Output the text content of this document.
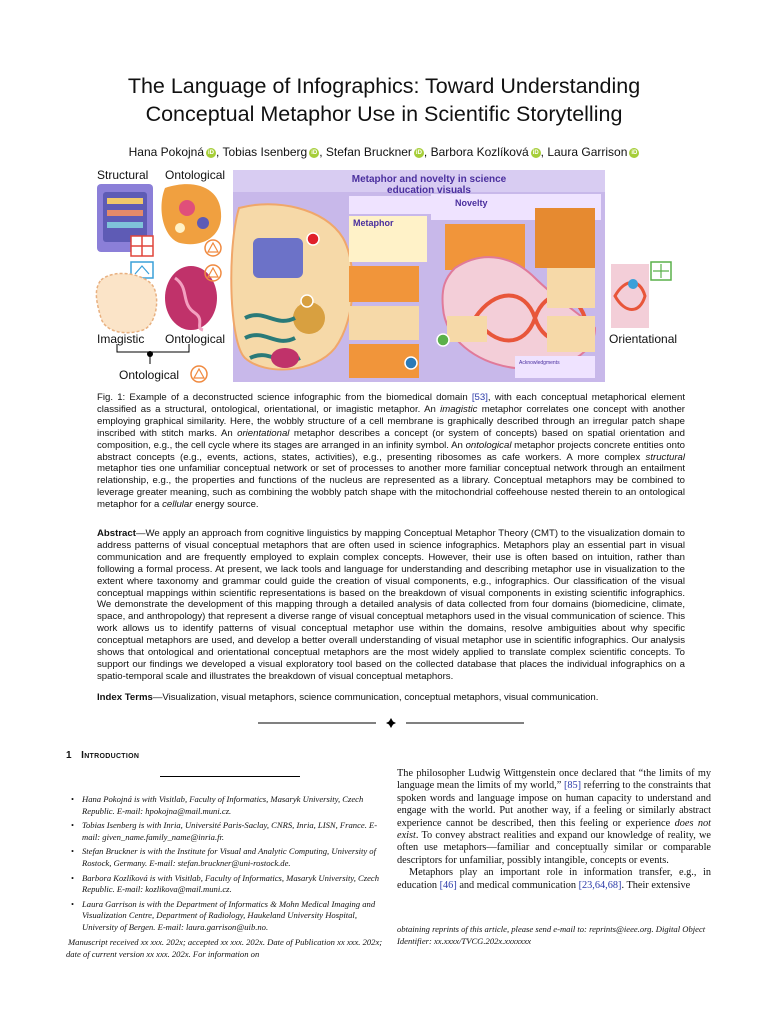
The Language of Infographics: Toward Understanding
Conceptual Metaphor Use in Scientific Storytelling
Hana Pokojná iD , Tobias Isenberg iD , Stefan Bruckner iD , Barbora Kozlíková iD , Laura Garrison iD
Structural Ontological	Metaphor and novelty in science education visuals
Metaphor
Novelty
Acknowledgments
Imagistic Ontological
Ontological
Orientational
Fig. 1: Example of a deconstructed science infographic from the biomedical domain [53], with each conceptual metaphorical element classified as a structural, ontological, orientational, or imagistic metaphor. An imagistic metaphor correlates one concept with another employing graphical similarity. Here, the wobbly structure of a cell membrane is graphically described through an irregular patch shape inscribed with stitch marks. An orientational metaphor describes a concept (or system of concepts) based on spatial orientation and composition, e.g., the cell cycle where its stages are arranged in an infinity symbol. An ontological metaphor projects concrete entities onto abstract concepts (e.g., events, actions, states, activities), e.g., presenting ribosomes as cafe workers. A more complex structural metaphor ties one unfamiliar conceptual network or set of processes to another more familiar conceptual network through an entailment relationship, e.g., the properties and functions of the nucleus are represented as a library. Conceptual metaphors may be combined to leverage greater meaning, such as combining the wobbly patch shape with the mitochondrial coffeehouse nested therein to an ontological metaphor for a cellular energy source.
Abstract—We apply an approach from cognitive linguistics by mapping Conceptual Metaphor Theory (CMT) to the visualization domain to address patterns of visual conceptual metaphors that are often used in science infographics. Metaphors play an essential part in visual communication and are frequently employed to explain complex concepts. However, their use is often based on intuition, rather than following a formal process. At present, we lack tools and language for understanding and describing metaphor use in visualization to the extent where taxonomy and grammar could guide the creation of visual components, e.g., infographics. Our classification of the visual conceptual mappings within scientific representations is based on the breakdown of visual components in existing scientific infographics. We demonstrate the development of this mapping through a detailed analysis of data collected from four domains (biomedicine, climate, space, and anthropology) that represent a diverse range of visual conceptual metaphors used in the visual communication of science. This work allows us to identify patterns of visual conceptual metaphor use within the domains, resolve ambiguities about why specific conceptual metaphors are used, and develop a better overall understanding of visual metaphor use in scientific infographics. Our analysis shows that ontological and orientational conceptual metaphors are the most widely applied to translate complex scientific concepts. To support our findings we developed a visual exploratory tool based on the collected database that places the individual infographics on a spatio-temporal scale and illustrates the breakdown of visual conceptual metaphors.
Index Terms—Visualization, visual metaphors, science communication, conceptual metaphors, visual communication.
1 Introduction
• Hana Pokojná is with Visitlab, Faculty of Informatics, Masaryk University, Czech Republic. E-mail: hpokojna@mail.muni.cz.
• Tobias Isenberg is with Inria, Université Paris-Saclay, CNRS, Inria, LISN, France. E-mail: given_name.family_name@inria.fr.
• Stefan Bruckner is with the Institute for Visual and Analytic Computing, University of Rostock, Germany. E-mail: stefan.bruckner@uni-rostock.de.
• Barbora Kozlíková is with Visitlab, Faculty of Informatics, Masaryk University, Czech Republic. E-mail: kozlikova@mail.muni.cz.
• Laura Garrison is with the Department of Informatics & Mohn Medical Imaging and Visualization Centre, Department of Radiology, Haukeland University Hospital, University of Bergen. E-mail: laura.garrison@uib.no.
Manuscript received xx xxx. 202x; accepted xx xxx. 202x. Date of Publication xx xxx. 202x; date of current version xx xxx. 202x. For information on

The philosopher Ludwig Wittgenstein once declared that “the limits of my language mean the limits of my world,” [85] referring to the constraints that spoken words and language impose on human capacity to understand and engage with the world. Put another way, if a feeling or similarly abstract experience cannot be described, then this feeling or experience does not exist. To convey abstract realities and expand our knowledge of reality, we often use metaphors—familiar and conceptually similar or comparable descriptors for unfamiliar, possibly intangible, concepts or events.

Metaphors play an important role in information transfer, e.g., in education [46] and medical communication [23,64,68]. Their extensive

obtaining reprints of this article, please send e-mail to: reprints@ieee.org. Digital Object Identifier: xx.xxxx/TVCG.202x.xxxxxxx
